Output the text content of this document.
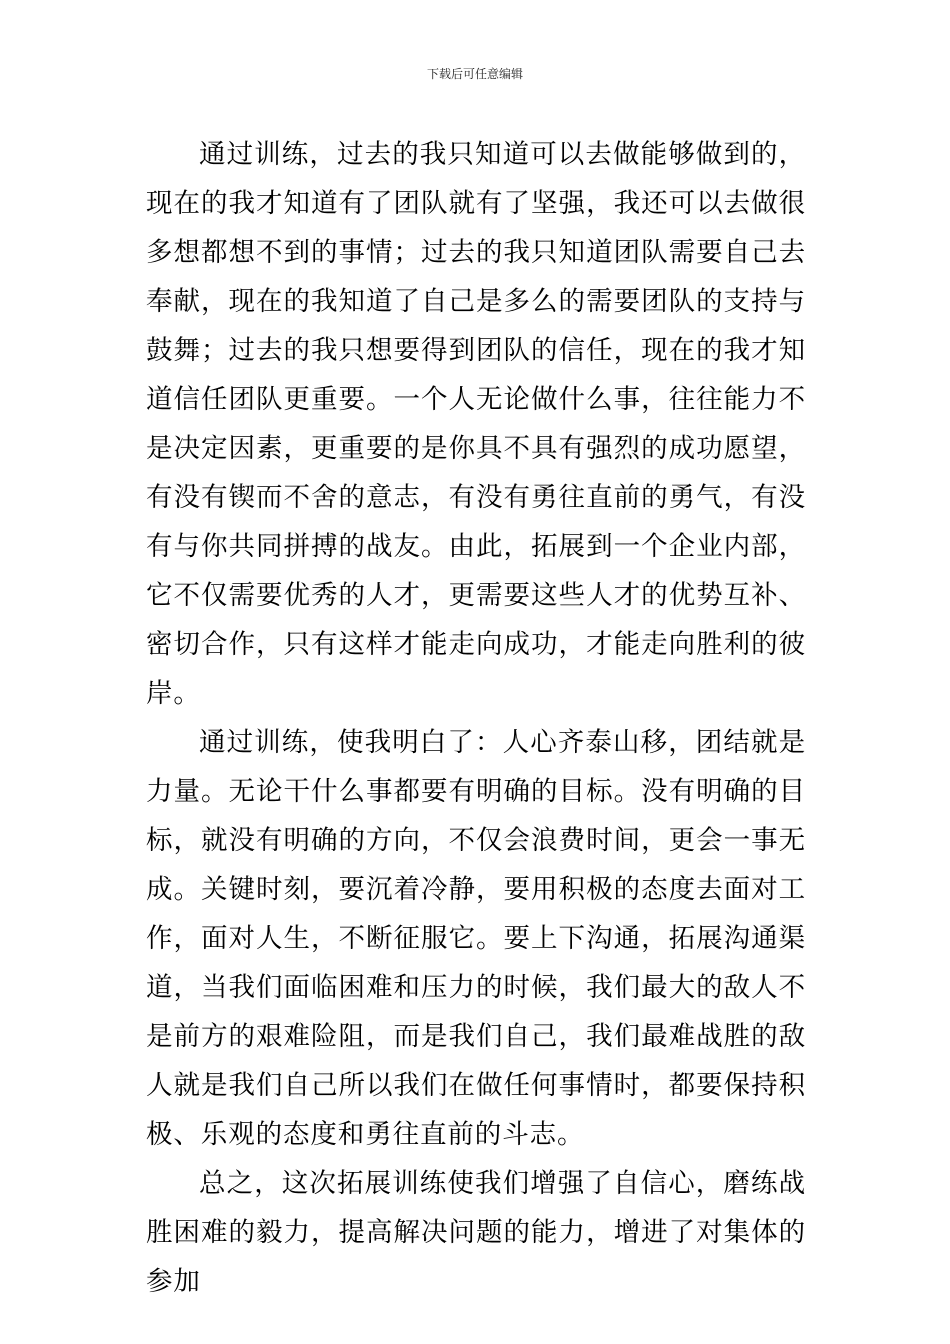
下载后可任意编辑

通过训练，过去的我只知道可以去做能够做到的，现在的我才知道有了团队就有了坚强，我还可以去做很多想都想不到的事情；过去的我只知道团队需要自己去奉献，现在的我知道了自己是多么的需要团队的支持与鼓舞；过去的我只想要得到团队的信任，现在的我才知道信任团队更重要。一个人无论做什么事，往往能力不是决定因素，更重要的是你具不具有强烈的成功愿望，有没有锲而不舍的意志，有没有勇往直前的勇气，有没有与你共同拼搏的战友。由此，拓展到一个企业内部，它不仅需要优秀的人才，更需要这些人才的优势互补、密切合作，只有这样才能走向成功，才能走向胜利的彼岸。

通过训练，使我明白了：人心齐泰山移，团结就是力量。无论干什么事都要有明确的目标。没有明确的目标，就没有明确的方向，不仅会浪费时间，更会一事无成。关键时刻，要沉着冷静，要用积极的态度去面对工作，面对人生，不断征服它。要上下沟通，拓展沟通渠道，当我们面临困难和压力的时候，我们最大的敌人不是前方的艰难险阻，而是我们自己，我们最难战胜的敌人就是我们自己所以我们在做任何事情时，都要保持积极、乐观的态度和勇往直前的斗志。

总之，这次拓展训练使我们增强了自信心，磨练战胜困难的毅力，提高解决问题的能力，增进了对集体的参加
